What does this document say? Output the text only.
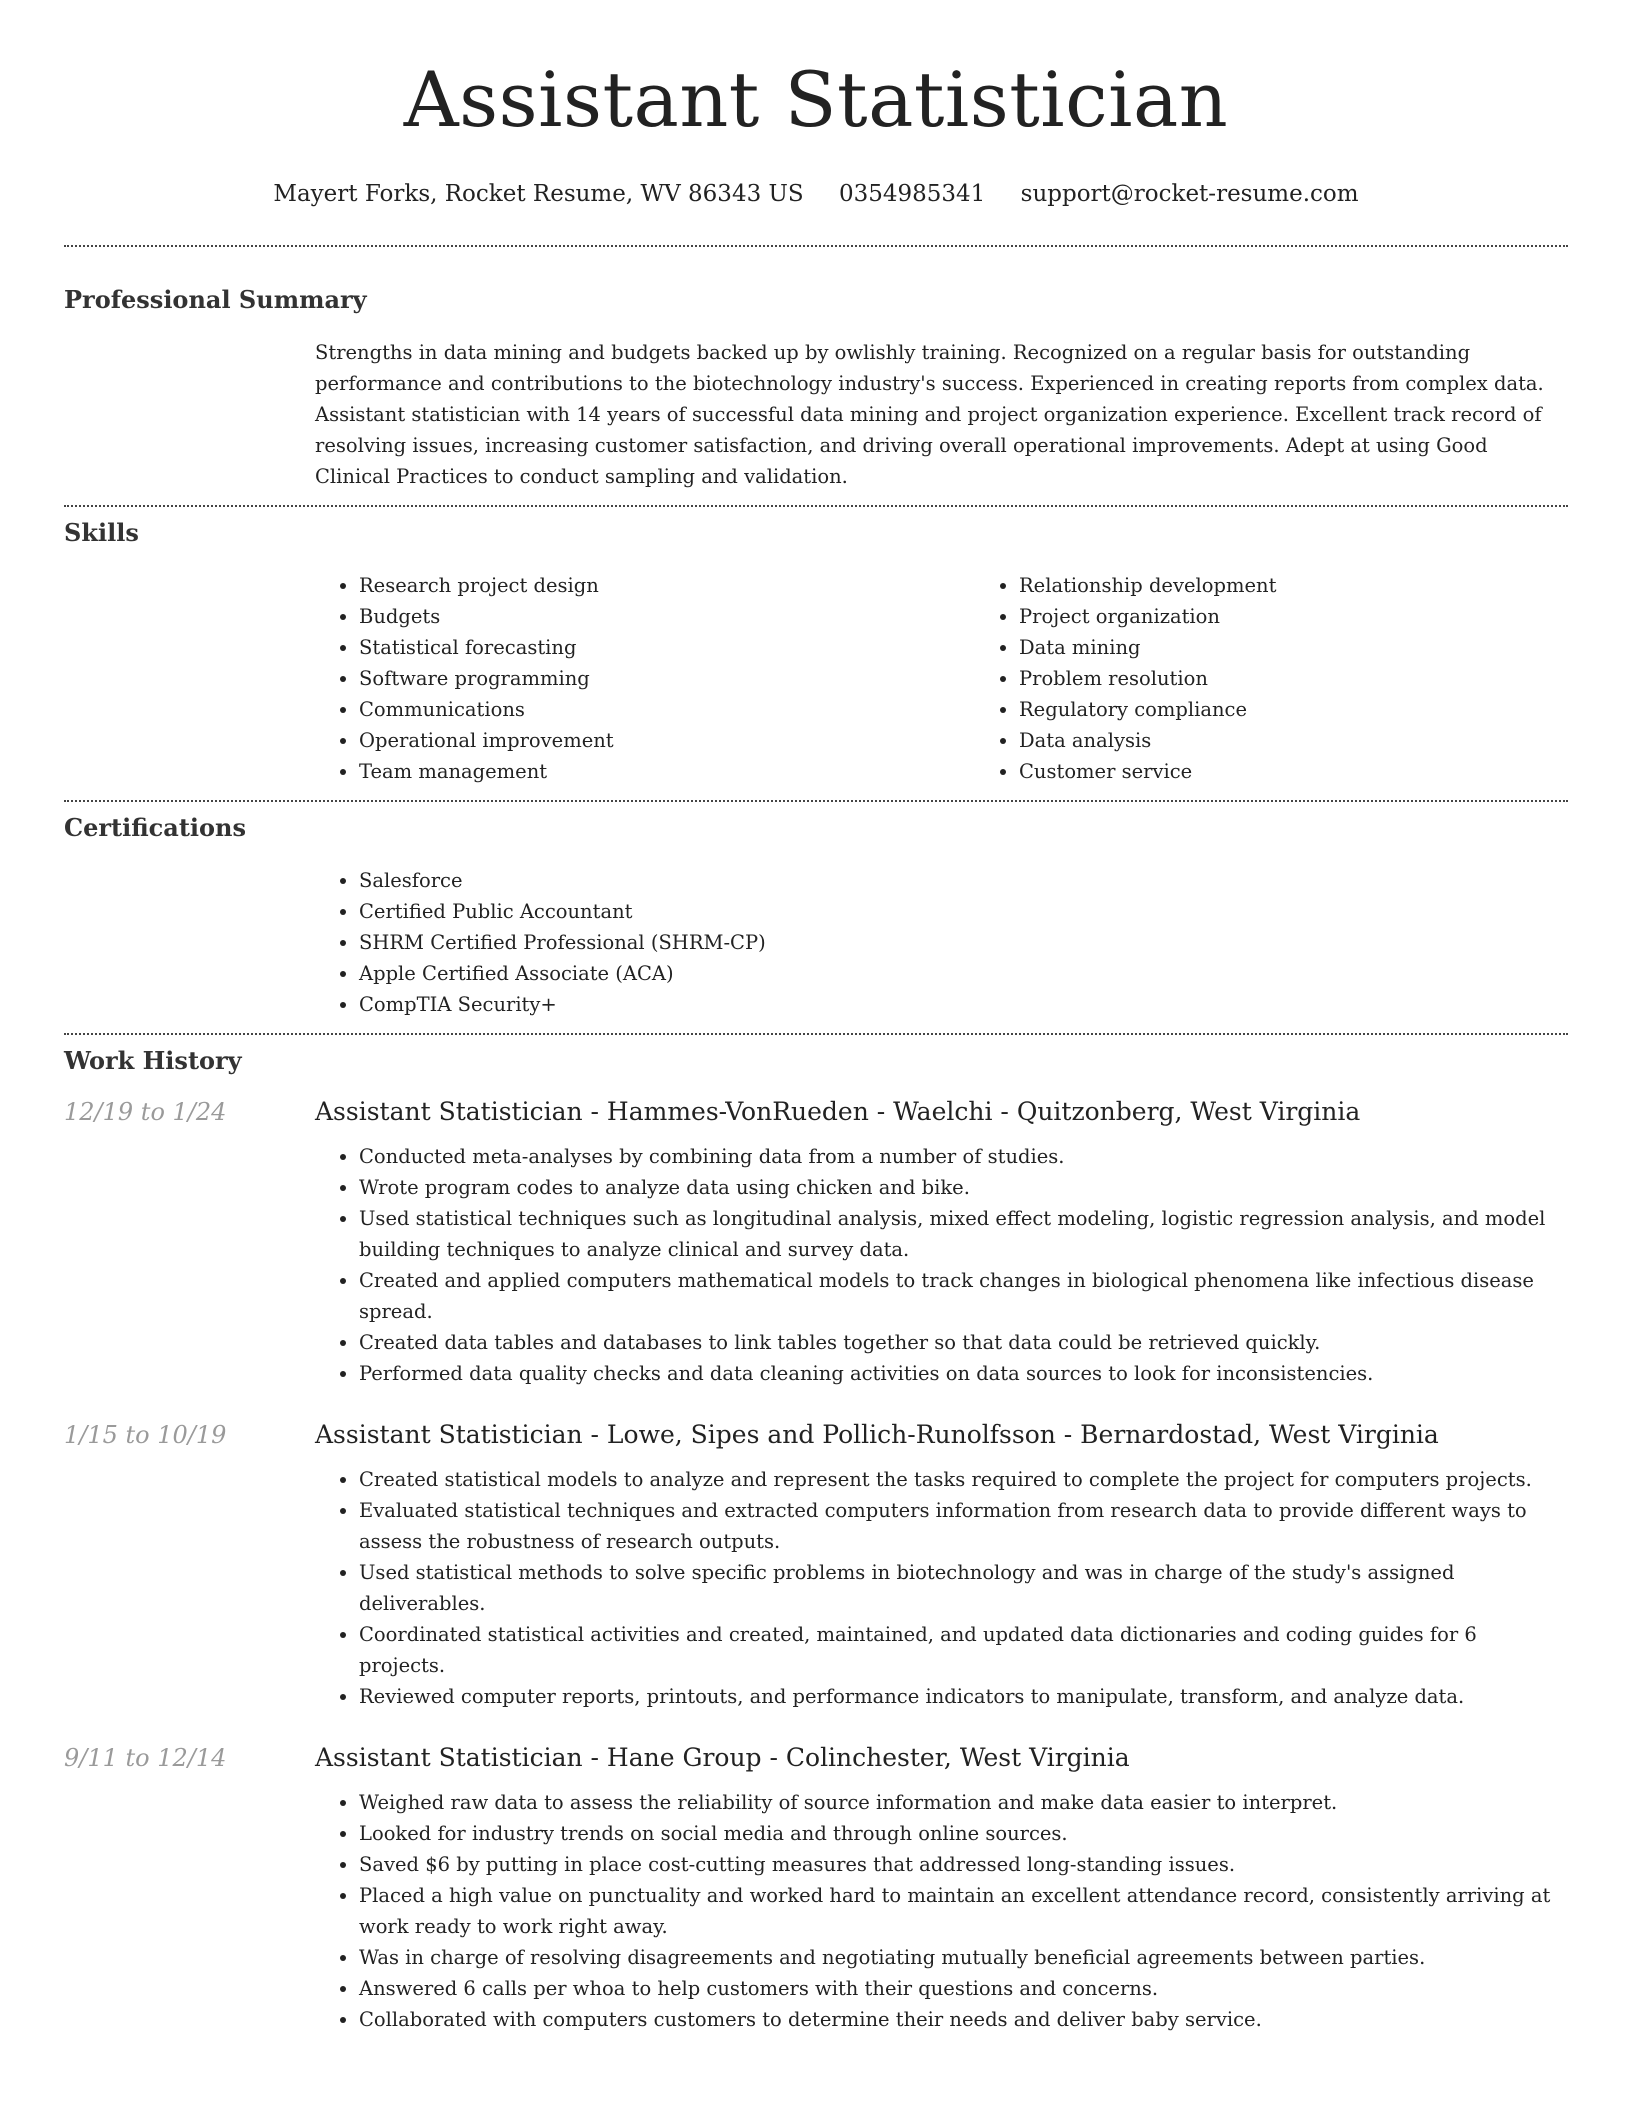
Assistant Statistician
Mayert Forks, Rocket Resume, WV 86343 US 0354985341 support@rocket-resume.com
Professional Summary

Strengths in data mining and budgets backed up by owlishly training. Recognized on a regular basis for outstanding performance and contributions to the biotechnology industry's success. Experienced in creating reports from complex data. Assistant statistician with 14 years of successful data mining and project organization experience. Excellent track record of resolving issues, increasing customer satisfaction, and driving overall operational improvements. Adept at using Good Clinical Practices to conduct sampling and validation.

Skills
• Research project design
• Budgets
• Statistical forecasting
• Software programming
• Communications
• Operational improvement
• Team management
• Relationship development
• Project organization
• Data mining
• Problem resolution
• Regulatory compliance
• Data analysis
• Customer service
Certifications
• Salesforce
• Certified Public Accountant
• SHRM Certified Professional (SHRM-CP)
• Apple Certified Associate (ACA)
• CompTIA Security+
Work History
12/19 to 1/24	Assistant Statistician - Hammes-VonRueden - Waelchi - Quitzonberg, West Virginia
• Conducted meta-analyses by combining data from a number of studies.
• Wrote program codes to analyze data using chicken and bike.
• Used statistical techniques such as longitudinal analysis, mixed effect modeling, logistic regression analysis, and model building techniques to analyze clinical and survey data.
• Created and applied computers mathematical models to track changes in biological phenomena like infectious disease spread.
• Created data tables and databases to link tables together so that data could be retrieved quickly.
• Performed data quality checks and data cleaning activities on data sources to look for inconsistencies.
1/15 to 10/19	Assistant Statistician - Lowe, Sipes and Pollich-Runolfsson - Bernardostad, West Virginia
• Created statistical models to analyze and represent the tasks required to complete the project for computers projects.
• Evaluated statistical techniques and extracted computers information from research data to provide different ways to assess the robustness of research outputs.
• Used statistical methods to solve specific problems in biotechnology and was in charge of the study's assigned deliverables.
• Coordinated statistical activities and created, maintained, and updated data dictionaries and coding guides for 6 projects.
• Reviewed computer reports, printouts, and performance indicators to manipulate, transform, and analyze data.
9/11 to 12/14	Assistant Statistician - Hane Group - Colinchester, West Virginia
• Weighed raw data to assess the reliability of source information and make data easier to interpret.
• Looked for industry trends on social media and through online sources.
• Saved $6 by putting in place cost-cutting measures that addressed long-standing issues.
• Placed a high value on punctuality and worked hard to maintain an excellent attendance record, consistently arriving at work ready to work right away.
• Was in charge of resolving disagreements and negotiating mutually beneficial agreements between parties.
• Answered 6 calls per whoa to help customers with their questions and concerns.
• Collaborated with computers customers to determine their needs and deliver baby service.
